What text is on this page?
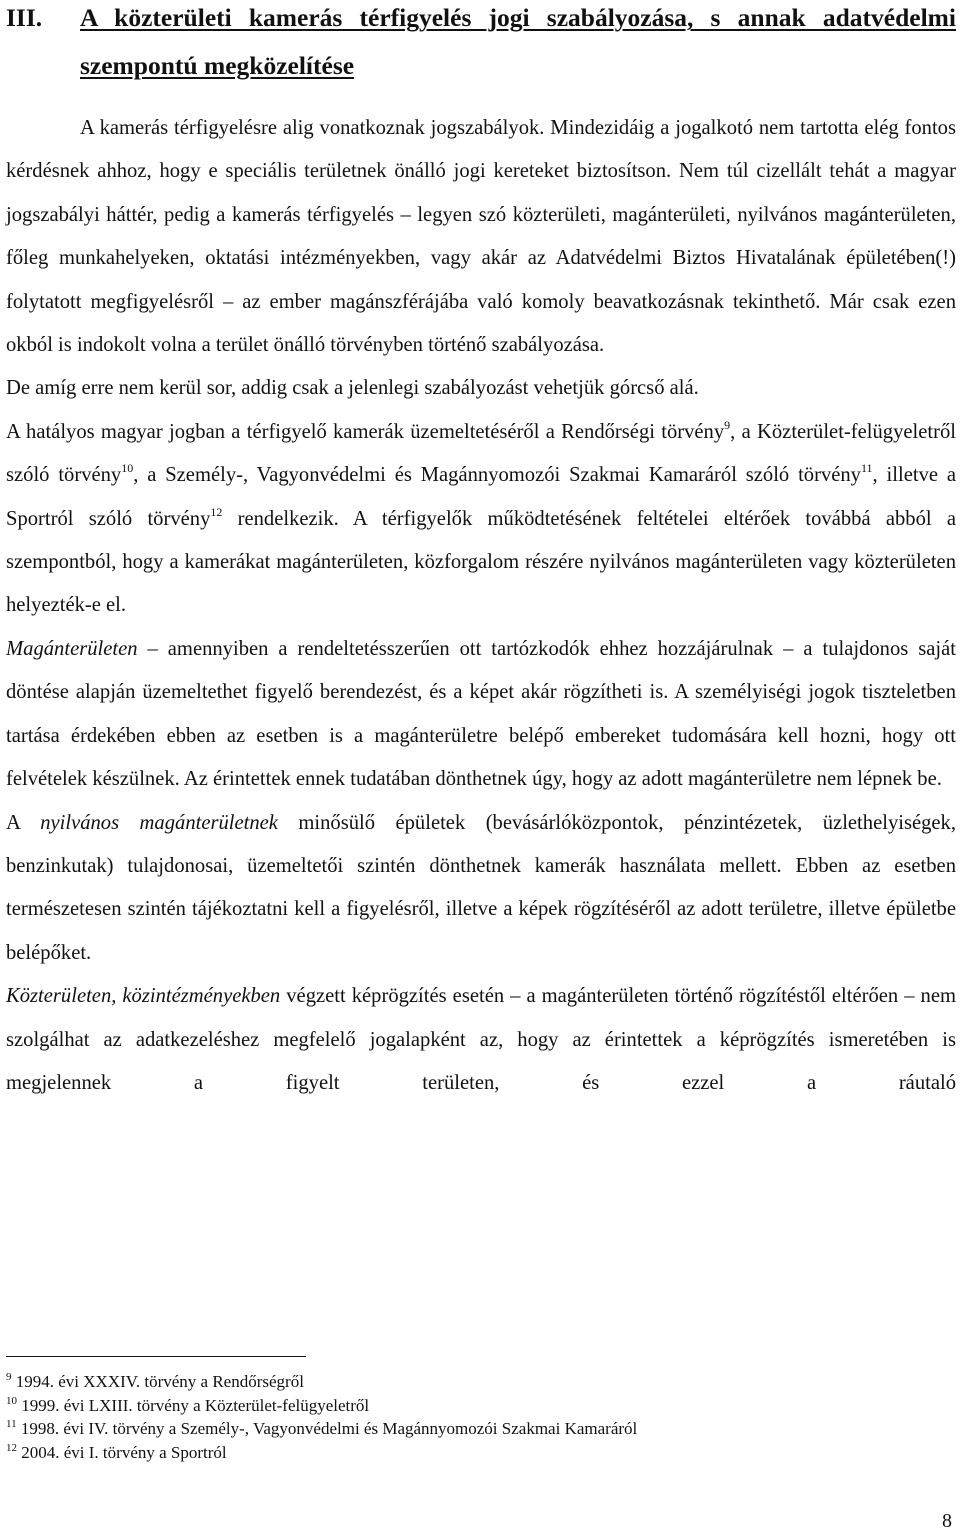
III.	A közterületi kamerás térfigyelés jogi szabályozása, s annak adatvédelmi szempontú megközelítése

A kamerás térfigyelésre alig vonatkoznak jogszabályok. Mindezidáig a jogalkotó nem tartotta elég fontos kérdésnek ahhoz, hogy e speciális területnek önálló jogi kereteket biztosítson. Nem túl cizellált tehát a magyar jogszabályi háttér, pedig a kamerás térfigyelés – legyen szó közterületi, magánterületi, nyilvános magánterületen, főleg munkahelyeken, oktatási intézményekben, vagy akár az Adatvédelmi Biztos Hivatalának épületében(!) folytatott megfigyelésről – az ember magánszférájába való komoly beavatkozásnak tekinthető. Már csak ezen okból is indokolt volna a terület önálló törvényben történő szabályozása.

De amíg erre nem kerül sor, addig csak a jelenlegi szabályozást vehetjük górcső alá.

A hatályos magyar jogban a térfigyelő kamerák üzemeltetéséről a Rendőrségi törvény$^9$, a Közterület-felügyeletről szóló törvény$^{10}$, a Személy-, Vagyonvédelmi és Magánnyomozói Szakmai Kamaráról szóló törvény$^{11}$, illetve a Sportról szóló törvény$^{12}$ rendelkezik. A térfigyelők működtetésének feltételei eltérőek továbbá abból a szempontból, hogy a kamerákat magánterületen, közforgalom részére nyilvános magánterületen vagy közterületen helyezték-e el.

Magánterületen – amennyiben a rendeltetésszerűen ott tartózkodók ehhez hozzájárulnak – a tulajdonos saját döntése alapján üzemeltethet figyelő berendezést, és a képet akár rögzítheti is. A személyiségi jogok tiszteletben tartása érdekében ebben az esetben is a magánterületre belépő embereket tudomására kell hozni, hogy ott felvételek készülnek. Az érintettek ennek tudatában dönthetnek úgy, hogy az adott magánterületre nem lépnek be.

A nyilvános magánterületnek minősülő épületek (bevásárlóközpontok, pénzintézetek, üzlethelyiségek, benzinkutak) tulajdonosai, üzemeltetői szintén dönthetnek kamerák használata mellett. Ebben az esetben természetesen szintén tájékoztatni kell a figyelésről, illetve a képek rögzítéséről az adott területre, illetve épületbe belépőket.

Közterületen, közintézményekben végzett képrögzítés esetén – a magánterületen történő rögzítéstől eltérően – nem szolgálhat az adatkezeléshez megfelelő jogalapként az, hogy az érintettek a képrögzítés ismeretében is megjelennek a figyelt területen, és ezzel a ráutaló

$^9$ 1994. évi XXXIV. törvény a Rendőrségről
$^{10}$ 1999. évi LXIII. törvény a Közterület-felügyeletről
$^{11}$ 1998. évi IV. törvény a Személy-, Vagyonvédelmi és Magánnyomozói Szakmai Kamaráról
$^{12}$ 2004. évi I. törvény a Sportról
8
